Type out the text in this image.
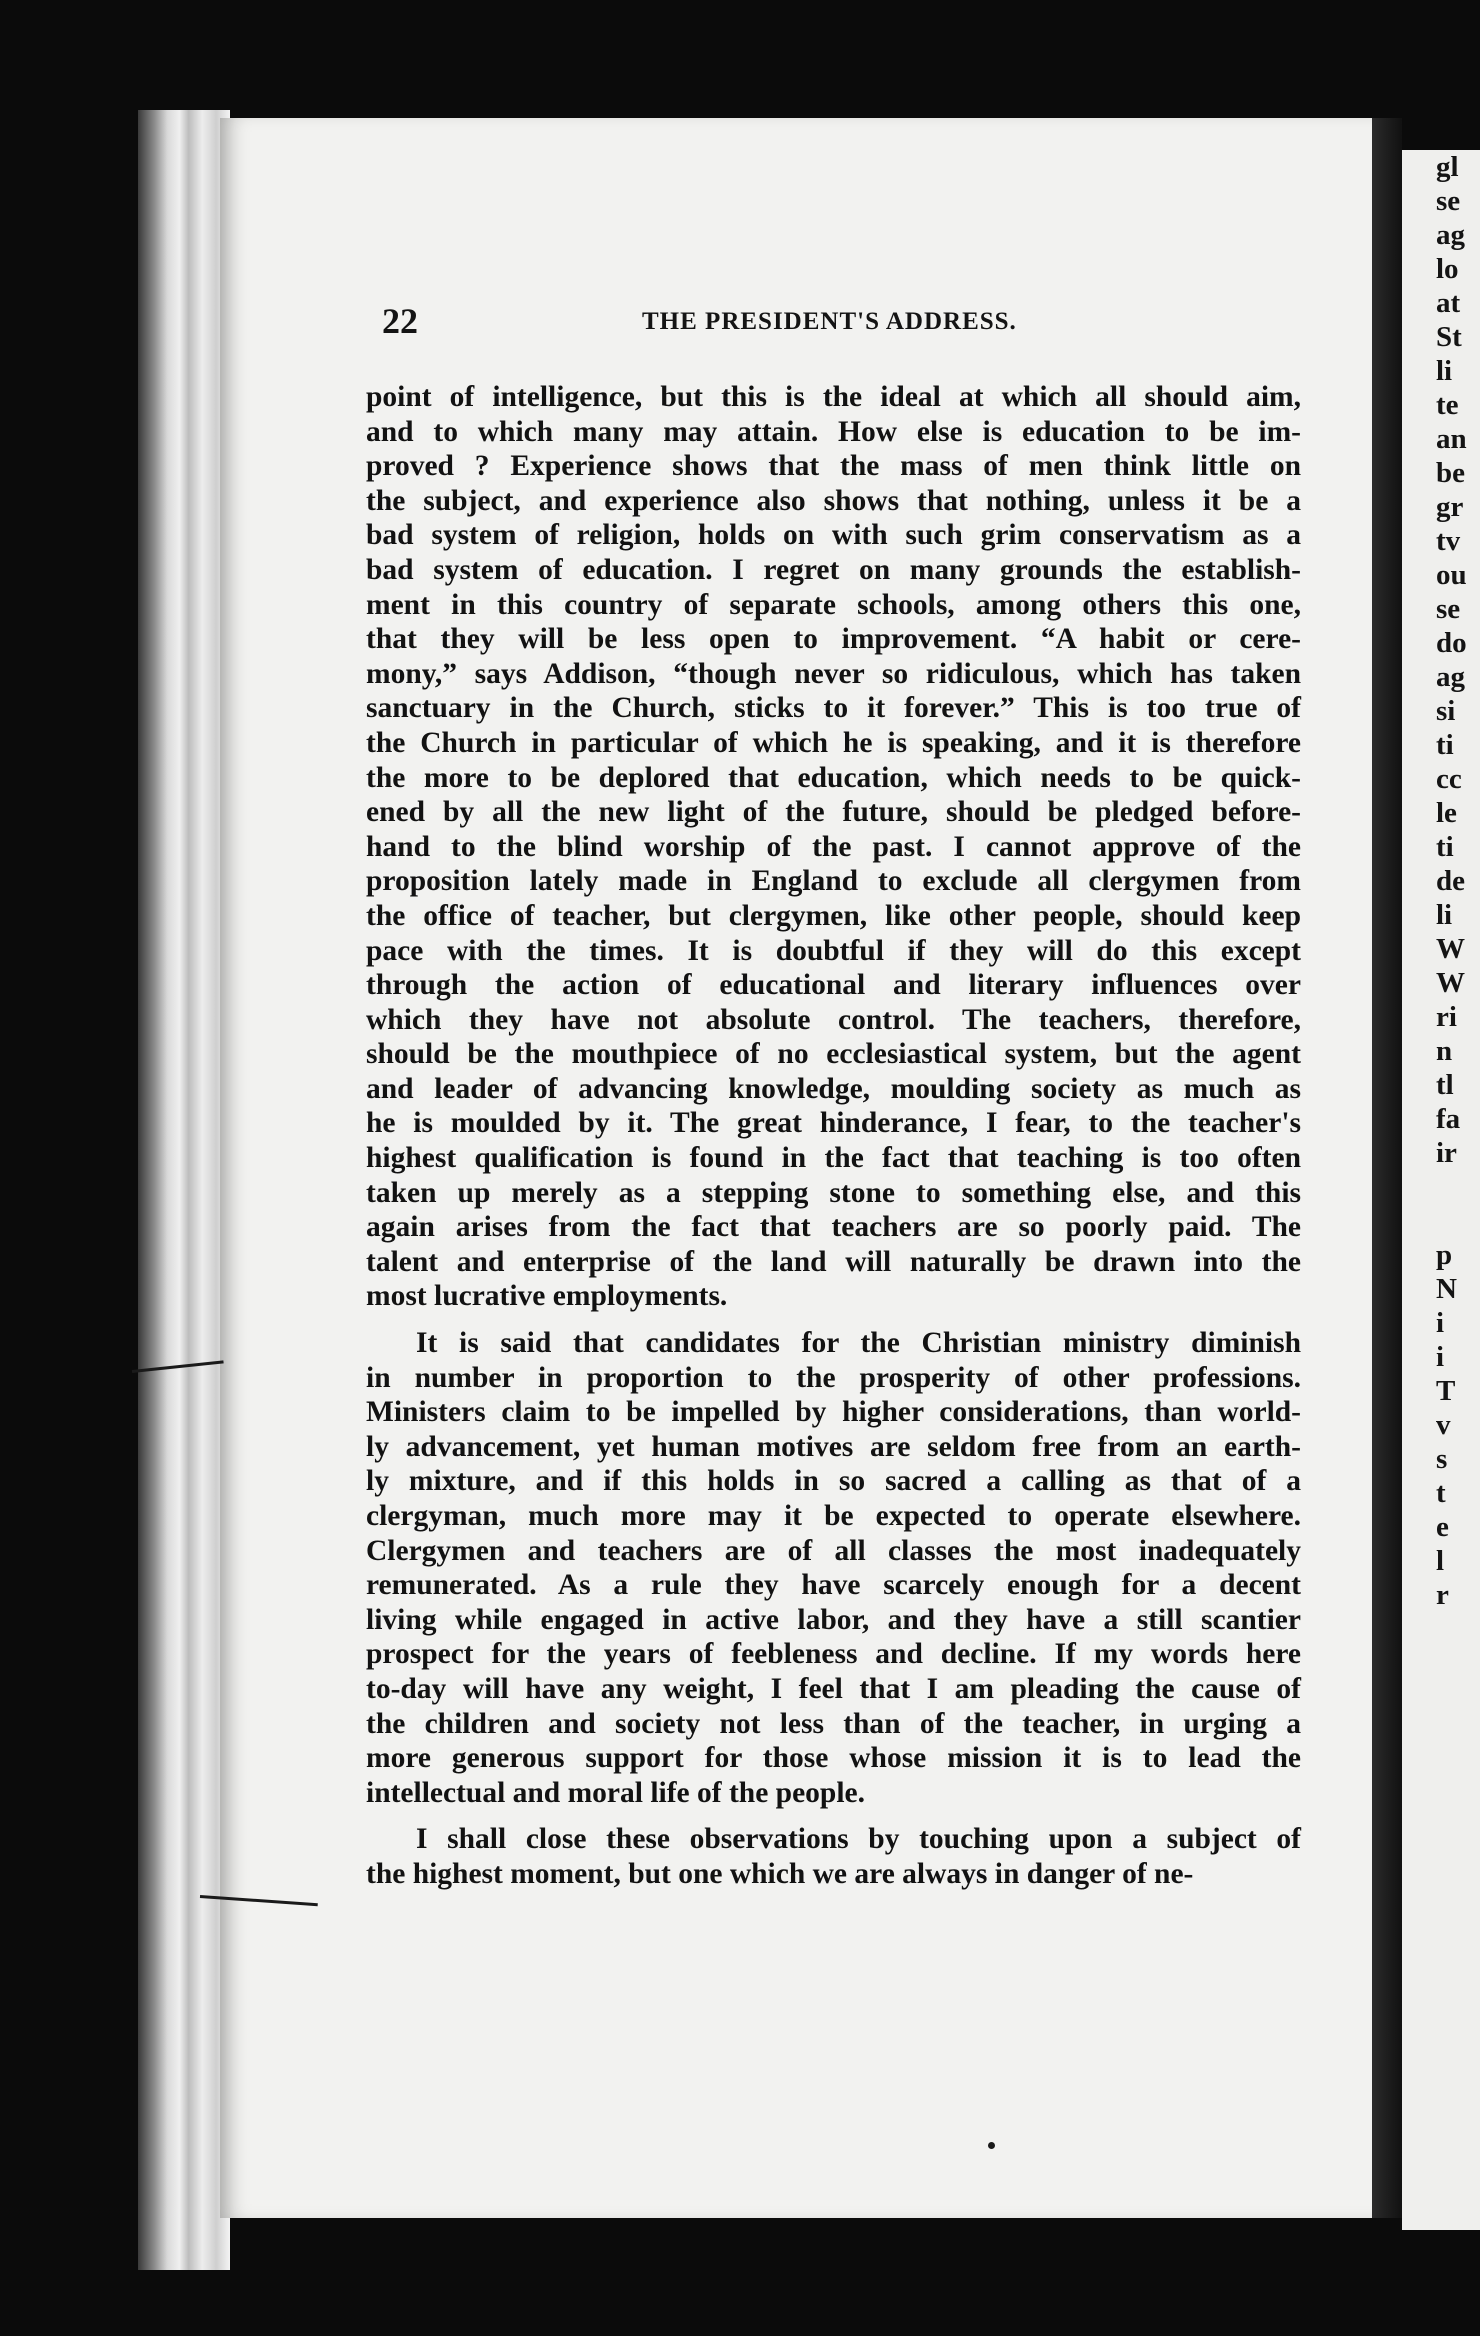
gl
se
ag
lo
at
St
li
te
an
be
gr
tv
ou
se
do
ag
si
ti
cc
le
ti
de
li
W
W
ri
n
tl
fa
ir

p
N
i
i
T
v
s
t
e
l
r
22	THE PRESIDENT'S ADDRESS.
point of intelligence, but this is the ideal at which all should aim,
and to which many may attain. How else is education to be im-
proved ? Experience shows that the mass of men think little on
the subject, and experience also shows that nothing, unless it be a
bad system of religion, holds on with such grim conservatism as a
bad system of education. I regret on many grounds the establish-
ment in this country of separate schools, among others this one,
that they will be less open to improvement. “A habit or cere-
mony,” says Addison, “though never so ridiculous, which has taken
sanctuary in the Church, sticks to it forever.” This is too true of
the Church in particular of which he is speaking, and it is therefore
the more to be deplored that education, which needs to be quick-
ened by all the new light of the future, should be pledged before-
hand to the blind worship of the past. I cannot approve of the
proposition lately made in England to exclude all clergymen from
the office of teacher, but clergymen, like other people, should keep
pace with the times. It is doubtful if they will do this except
through the action of educational and literary influences over
which they have not absolute control. The teachers, therefore,
should be the mouthpiece of no ecclesiastical system, but the agent
and leader of advancing knowledge, moulding society as much as
he is moulded by it. The great hinderance, I fear, to the teacher's
highest qualification is found in the fact that teaching is too often
taken up merely as a stepping stone to something else, and this
again arises from the fact that teachers are so poorly paid. The
talent and enterprise of the land will naturally be drawn into the
most lucrative employments.
It is said that candidates for the Christian ministry diminish
in number in proportion to the prosperity of other professions.
Ministers claim to be impelled by higher considerations, than world-
ly advancement, yet human motives are seldom free from an earth-
ly mixture, and if this holds in so sacred a calling as that of a
clergyman, much more may it be expected to operate elsewhere.
Clergymen and teachers are of all classes the most inadequately
remunerated. As a rule they have scarcely enough for a decent
living while engaged in active labor, and they have a still scantier
prospect for the years of feebleness and decline. If my words here
to-day will have any weight, I feel that I am pleading the cause of
the children and society not less than of the teacher, in urging a
more generous support for those whose mission it is to lead the
intellectual and moral life of the people.
I shall close these observations by touching upon a subject of
the highest moment, but one which we are always in danger of ne-
